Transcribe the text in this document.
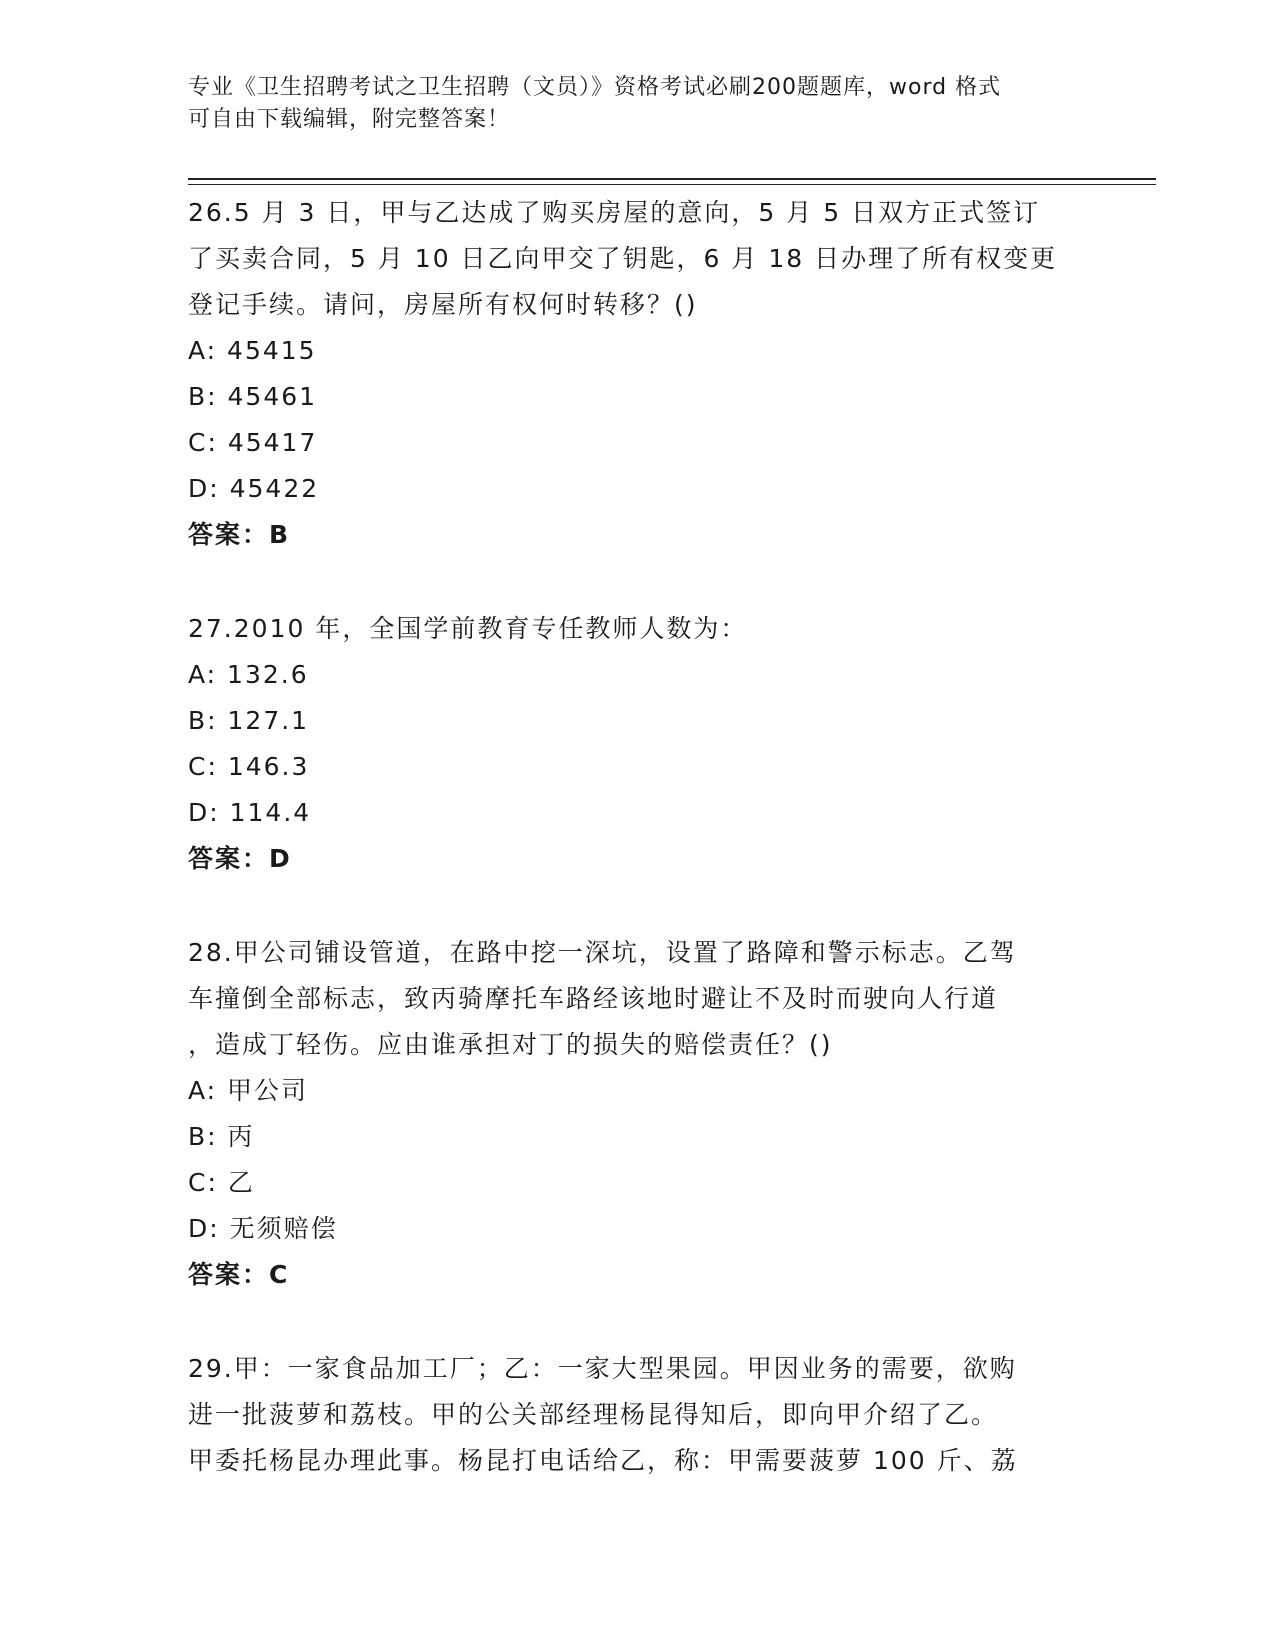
专业《卫生招聘考试之卫生招聘（文员）》资格考试必刷200题题库，word 格式
可自由下载编辑，附完整答案！
26.5 月 3 日，甲与乙达成了购买房屋的意向，5 月 5 日双方正式签订
了买卖合同，5 月 10 日乙向甲交了钥匙，6 月 18 日办理了所有权变更
登记手续。请问，房屋所有权何时转移？()
A: 45415
B: 45461
C: 45417
D: 45422
答案：B
27.2010 年，全国学前教育专任教师人数为：
A: 132.6
B: 127.1
C: 146.3
D: 114.4
答案：D
28.甲公司铺设管道，在路中挖一深坑，设置了路障和警示标志。乙驾
车撞倒全部标志，致丙骑摩托车路经该地时避让不及时而驶向人行道
，造成丁轻伤。应由谁承担对丁的损失的赔偿责任？()
A: 甲公司
B: 丙
C: 乙
D: 无须赔偿
答案：C
29.甲：一家食品加工厂；乙：一家大型果园。甲因业务的需要，欲购
进一批菠萝和荔枝。甲的公关部经理杨昆得知后，即向甲介绍了乙。
甲委托杨昆办理此事。杨昆打电话给乙，称：甲需要菠萝 100 斤、荔
